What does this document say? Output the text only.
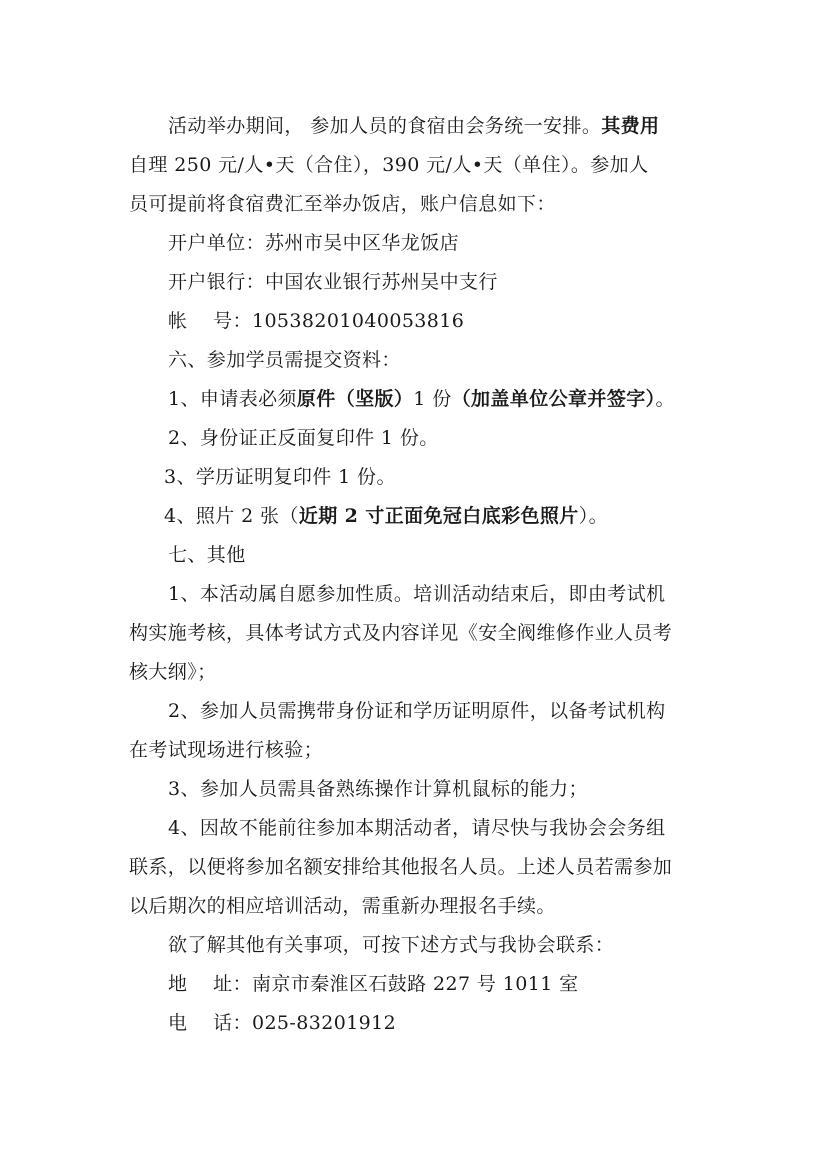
活动举办期间， 参加人员的食宿由会务统一安排。其费用
自理 250 元/人•天（合住），390 元/人•天（单住）。参加人
员可提前将食宿费汇至举办饭店，账户信息如下：
开户单位：苏州市吴中区华龙饭店
开户银行：中国农业银行苏州吴中支行
帐    号：10538201040053816
六、参加学员需提交资料：
1、申请表必须原件（坚版）1 份（加盖单位公章并签字）。
2、身份证正反面复印件 1 份。
3、学历证明复印件 1 份。
4、照片 2 张（近期 2 寸正面免冠白底彩色照片）。
七、其他
1、本活动属自愿参加性质。培训活动结束后，即由考试机
构实施考核，具体考试方式及内容详见《安全阀维修作业人员考
核大纲》；
2、参加人员需携带身份证和学历证明原件，以备考试机构
在考试现场进行核验；
3、参加人员需具备熟练操作计算机鼠标的能力；
4、因故不能前往参加本期活动者，请尽快与我协会会务组
联系，以便将参加名额安排给其他报名人员。上述人员若需参加
以后期次的相应培训活动，需重新办理报名手续。
欲了解其他有关事项，可按下述方式与我协会联系：
地    址：南京市秦淮区石鼓路 227 号 1011 室
电    话：025-83201912
